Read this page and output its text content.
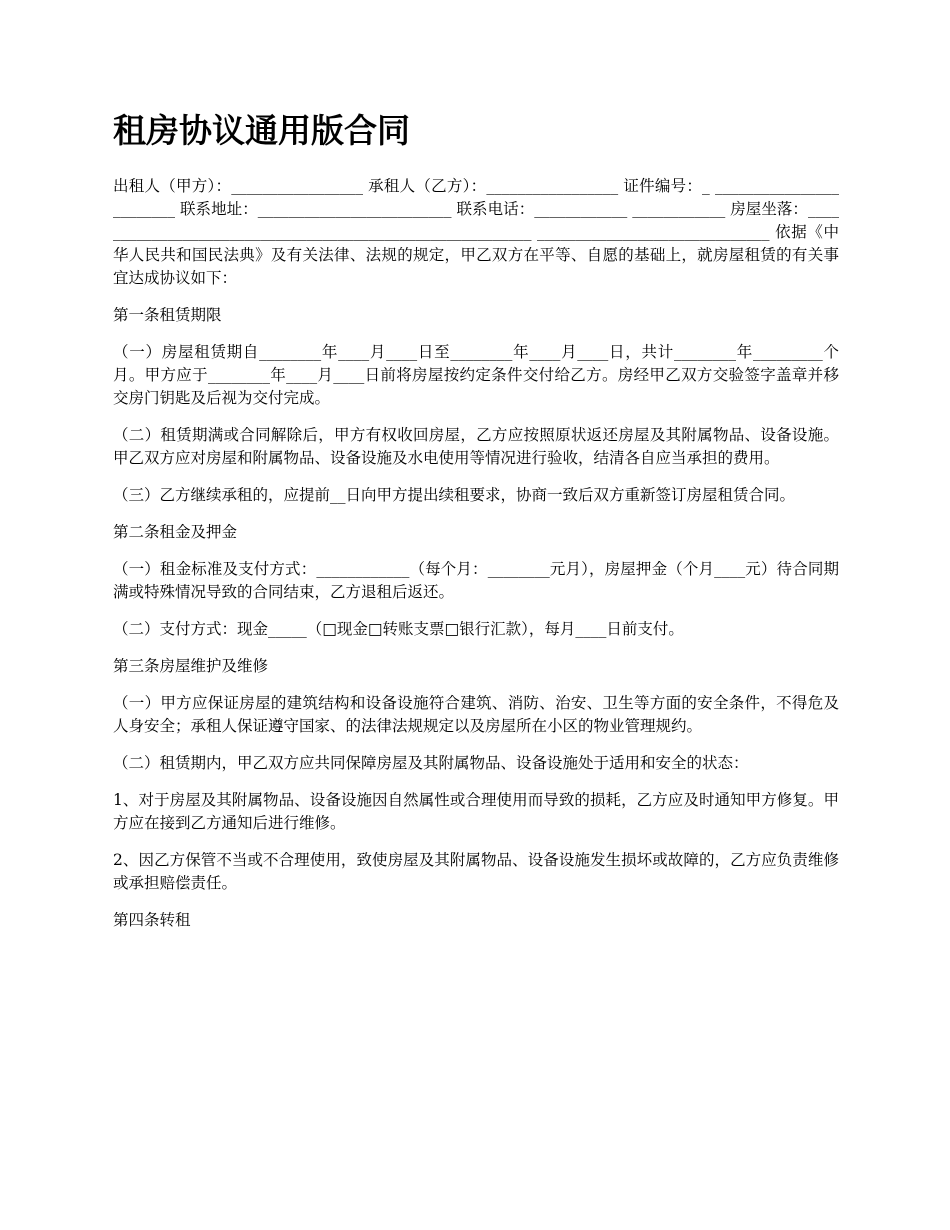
租房协议通用版合同

出租人（甲方）：_________________ 承租人（乙方）：_________________ 证件编号：_ ________________________ 联系地址：_________________________ 联系电话：____________ ____________ 房屋坐落：__________________________________________________________ ______________________________ 依据《中华人民共和国民法典》及有关法律、法规的规定，甲乙双方在平等、自愿的基础上，就房屋租赁的有关事宜达成协议如下：

第一条租赁期限

（一）房屋租赁期自________年____月____日至________年____月____日，共计________年_________个月。甲方应于________年____月____日前将房屋按约定条件交付给乙方。房经甲乙双方交验签字盖章并移交房门钥匙及后视为交付完成。

（二）租赁期满或合同解除后，甲方有权收回房屋，乙方应按照原状返还房屋及其附属物品、设备设施。甲乙双方应对房屋和附属物品、设备设施及水电使用等情况进行验收，结清各自应当承担的费用。

（三）乙方继续承租的，应提前__日向甲方提出续租要求，协商一致后双方重新签订房屋租赁合同。

第二条租金及押金

（一）租金标准及支付方式：____________（每个月：________元月），房屋押金（个月____元）待合同期满或特殊情况导致的合同结束，乙方退租后返还。

（二）支付方式：现金_____（□现金□转账支票□银行汇款），每月____日前支付。

第三条房屋维护及维修

（一）甲方应保证房屋的建筑结构和设备设施符合建筑、消防、治安、卫生等方面的安全条件，不得危及人身安全；承租人保证遵守国家、的法律法规规定以及房屋所在小区的物业管理规约。

（二）租赁期内，甲乙双方应共同保障房屋及其附属物品、设备设施处于适用和安全的状态：

1、对于房屋及其附属物品、设备设施因自然属性或合理使用而导致的损耗，乙方应及时通知甲方修复。甲方应在接到乙方通知后进行维修。

2、因乙方保管不当或不合理使用，致使房屋及其附属物品、设备设施发生损坏或故障的，乙方应负责维修或承担赔偿责任。

第四条转租
